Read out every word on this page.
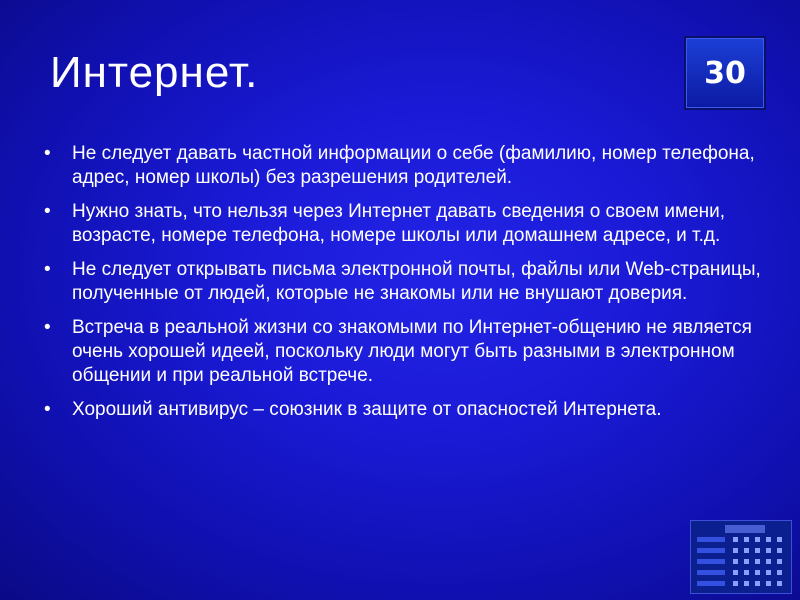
Интернет.	30
• Не следует давать частной информации о себе (фамилию, номер телефона, адрес, номер школы) без разрешения родителей.
• Нужно знать, что нельзя через Интернет давать сведения о своем имени, возрасте, номере телефона, номере школы или домашнем адресе, и т.д.
• Не следует открывать письма электронной почты, файлы или Web-страницы, полученные от людей, которые не знакомы или не внушают доверия.
• Встреча в реальной жизни со знакомыми по Интернет-общению не является очень хорошей идеей, поскольку люди могут быть разными в электронном общении и при реальной встрече.
• Хороший антивирус – союзник в защите от опасностей Интернета.
